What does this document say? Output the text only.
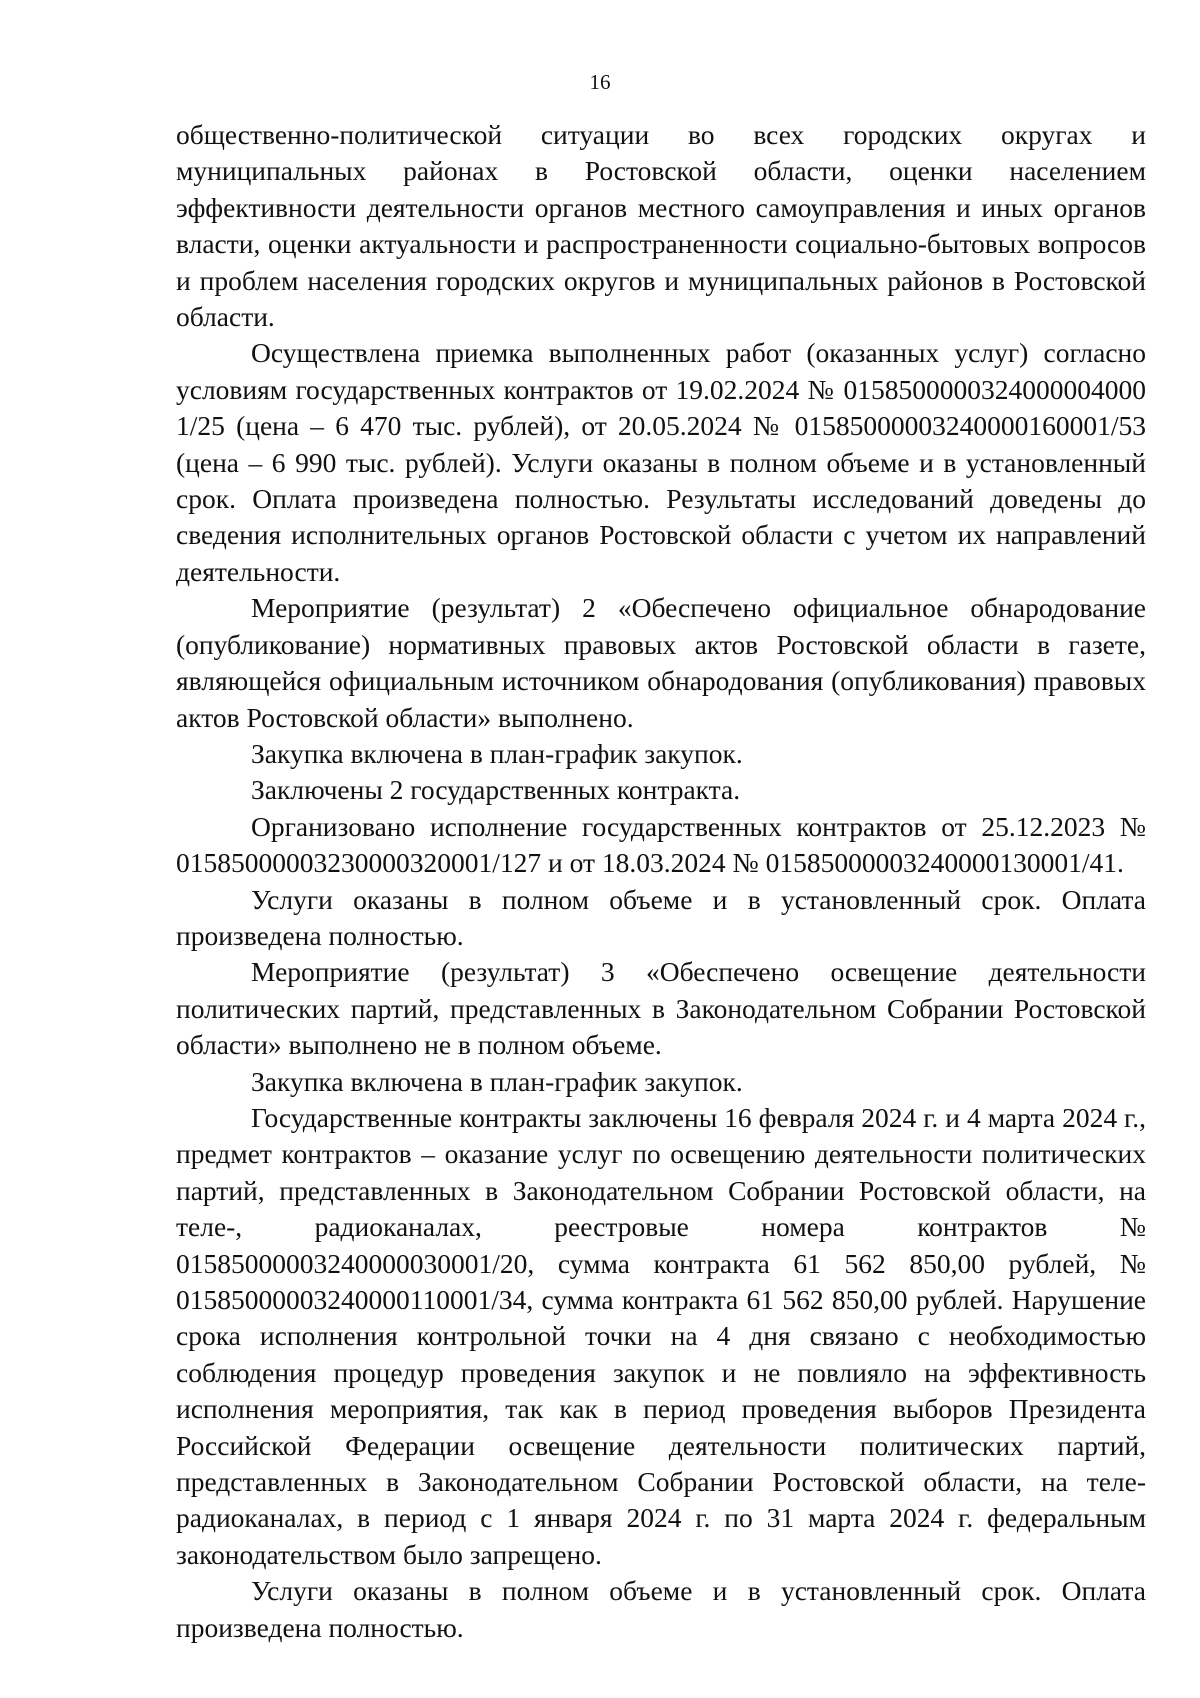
16

общественно-политической ситуации во всех городских округах и муниципальных районах в Ростовской области, оценки населением эффективности деятельности органов местного самоуправления и иных органов власти, оценки актуальности и распространенности социально-бытовых вопросов и проблем населения городских округов и муниципальных районов в Ростовской области.

Осуществлена приемка выполненных работ (оказанных услуг) согласно условиям государственных контрактов от 19.02.2024 № 0158500000324000004000​1/25 (цена – 6 470 тыс. рублей), от 20.05.2024 № 01585000003240000160001/53 (цена – 6 990 тыс. рублей). Услуги оказаны в полном объеме и в установленный срок. Оплата произведена полностью. Результаты исследований доведены до сведения исполнительных органов Ростовской области с учетом их направлений деятельности.

Мероприятие (результат) 2 «Обеспечено официальное обнародование (опубликование) нормативных правовых актов Ростовской области в газете, являющейся официальным источником обнародования (опубликования) правовых актов Ростовской области» выполнено.

Закупка включена в план-график закупок.

Заключены 2 государственных контракта.

Организовано исполнение государственных контрактов от 25.12.2023 № 01585000003230000320001/127 и от 18.03.2024 № 01585000003240000130001/41.

Услуги оказаны в полном объеме и в установленный срок. Оплата произведена полностью.

Мероприятие (результат) 3 «Обеспечено освещение деятельности политических партий, представленных в Законодательном Собрании Ростовской области» выполнено не в полном объеме.

Закупка включена в план-график закупок.

Государственные контракты заключены 16 февраля 2024 г. и 4 марта 2024 г., предмет контрактов – оказание услуг по освещению деятельности политических партий, представленных в Законодательном Собрании Ростовской области, на теле-, радиоканалах, реестровые номера контрактов № 01585000003240000030001/20, сумма контракта 61 562 850,00 рублей, № 01585000003240000110001/34, сумма контракта 61 562 850,00 рублей. Нарушение срока исполнения контрольной точки на 4 дня связано с необходимостью соблюдения процедур проведения закупок и не повлияло на эффективность исполнения мероприятия, так как в период проведения выборов Президента Российской Федерации освещение деятельности политических партий, представленных в Законодательном Собрании Ростовской области, на теле-радиоканалах, в период с 1 января 2024 г. по 31 марта 2024 г. федеральным законодательством было запрещено.

Услуги оказаны в полном объеме и в установленный срок. Оплата произведена полностью.
